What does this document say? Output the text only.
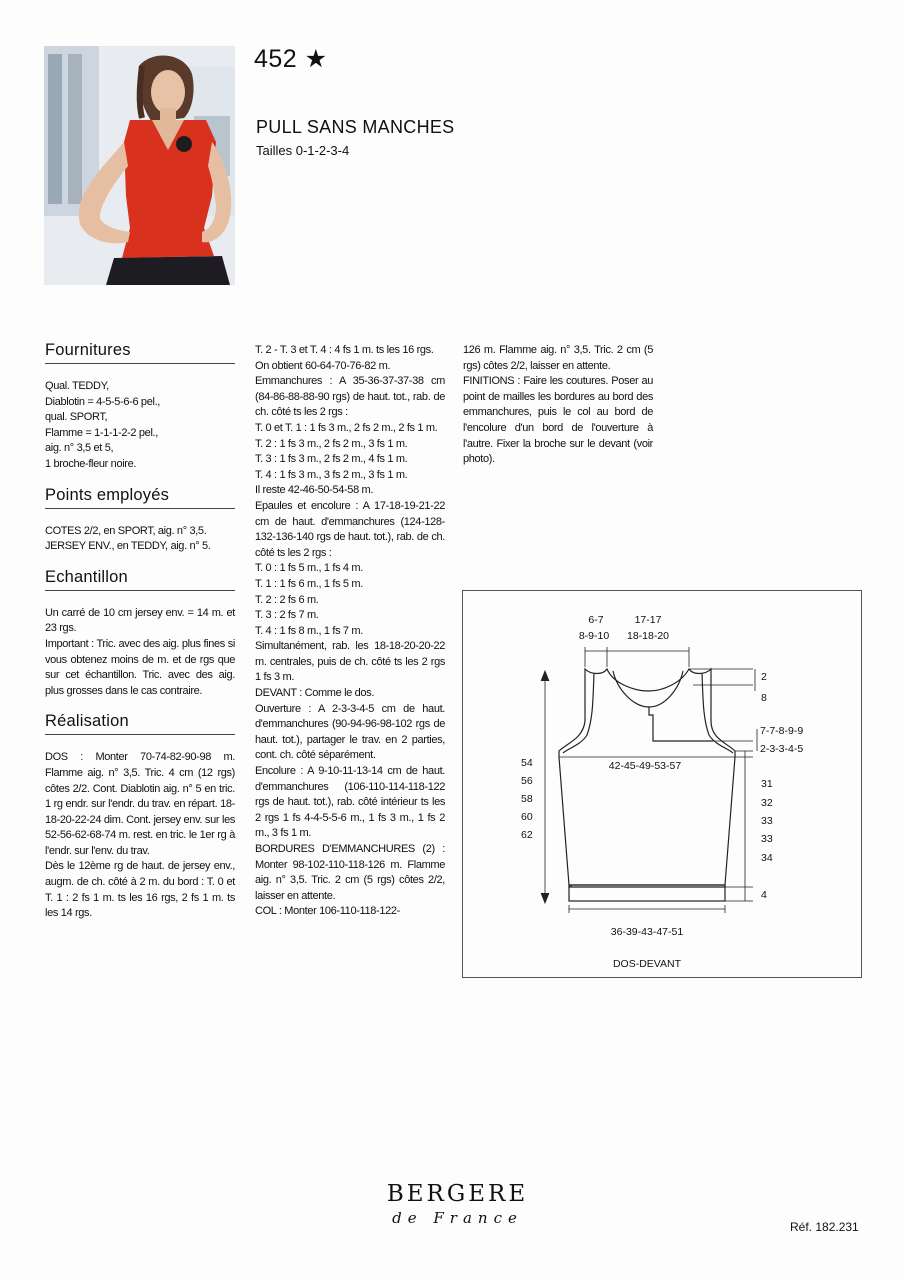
452 ★
PULL SANS MANCHES
Tailles 0-1-2-3-4

Fournitures

Qual. TEDDY,

Diablotin = 4-5-5-6-6 pel.,

qual. SPORT,

Flamme = 1-1-1-2-2 pel.,

aig. n° 3,5 et 5,

1 broche-fleur noire.

Points employés

COTES 2/2, en SPORT, aig. n° 3,5.

JERSEY ENV., en TEDDY, aig. n° 5.

Echantillon

Un carré de 10 cm jersey env. = 14 m. et 23 rgs.

Important : Tric. avec des aig. plus fines si vous obtenez moins de m. et de rgs que sur cet échantillon. Tric. avec des aig. plus grosses dans le cas contraire.

Réalisation

DOS : Monter 70-74-82-90-98 m. Flamme aig. n° 3,5. Tric. 4 cm (12 rgs) côtes 2/2. Cont. Diablotin aig. n° 5 en tric. 1 rg endr. sur l'endr. du trav. en répart. 18-18-20-22-24 dim. Cont. jersey env. sur les 52-56-62-68-74 m. rest. en tric. le 1er rg à l'endr. sur l'env. du trav.

Dès le 12ème rg de haut. de jersey env., augm. de ch. côté à 2 m. du bord : T. 0 et T. 1 : 2 fs 1 m. ts les 16 rgs, 2 fs 1 m. ts les 14 rgs.

T. 2 - T. 3 et T. 4 : 4 fs 1 m. ts les 16 rgs.

On obtient 60-64-70-76-82 m.

Emmanchures : A 35-36-37-37-38 cm (84-86-88-88-90 rgs) de haut. tot., rab. de ch. côté ts les 2 rgs :

T. 0 et T. 1 : 1 fs 3 m., 2 fs 2 m., 2 fs 1 m.

T. 2 : 1 fs 3 m., 2 fs 2 m., 3 fs 1 m.

T. 3 : 1 fs 3 m., 2 fs 2 m., 4 fs 1 m.

T. 4 : 1 fs 3 m., 3 fs 2 m., 3 fs 1 m.

Il reste 42-46-50-54-58 m.

Epaules et encolure : A 17-18-19-21-22 cm de haut. d'emmanchures (124-128-132-136-140 rgs de haut. tot.), rab. de ch. côté ts les 2 rgs :

T. 0 : 1 fs 5 m., 1 fs 4 m.

T. 1 : 1 fs 6 m., 1 fs 5 m.

T. 2 : 2 fs 6 m.

T. 3 : 2 fs 7 m.

T. 4 : 1 fs 8 m., 1 fs 7 m.

Simultanément, rab. les 18-18-20-20-22 m. centrales, puis de ch. côté ts les 2 rgs 1 fs 3 m.

DEVANT : Comme le dos.

Ouverture : A 2-3-3-4-5 cm de haut. d'emmanchures (90-94-96-98-102 rgs de haut. tot.), partager le trav. en 2 parties, cont. ch. côté séparément.

Encolure : A 9-10-11-13-14 cm de haut. d'emmanchures (106-110-114-118-122 rgs de haut. tot.), rab. côté intérieur ts les 2 rgs 1 fs 4-4-5-5-6 m., 1 fs 3 m., 1 fs 2 m., 3 fs 1 m.

BORDURES D'EMMANCHURES (2) : Monter 98-102-110-118-126 m. Flamme aig. n° 3,5. Tric. 2 cm (5 rgs) côtes 2/2, laisser en attente.

COL : Monter 106-110-118-122-

126 m. Flamme aig. n° 3,5. Tric. 2 cm (5 rgs) côtes 2/2, laisser en attente.

FINITIONS : Faire les coutures. Poser au point de mailles les bordures au bord des emmanchures, puis le col au bord de l'encolure d'un bord de l'ouverture à l'autre. Fixer la broche sur le devant (voir photo).

6-7
8-9-10
17-17
18-18-20
2
8
7-7-8-9-9
2-3-3-4-5
31
32
33
33
34
4
54
56
58
60
62
42-45-49-53-57
36-39-43-47-51
DOS-DEVANT
BERGERE
de France	Réf. 182.231
